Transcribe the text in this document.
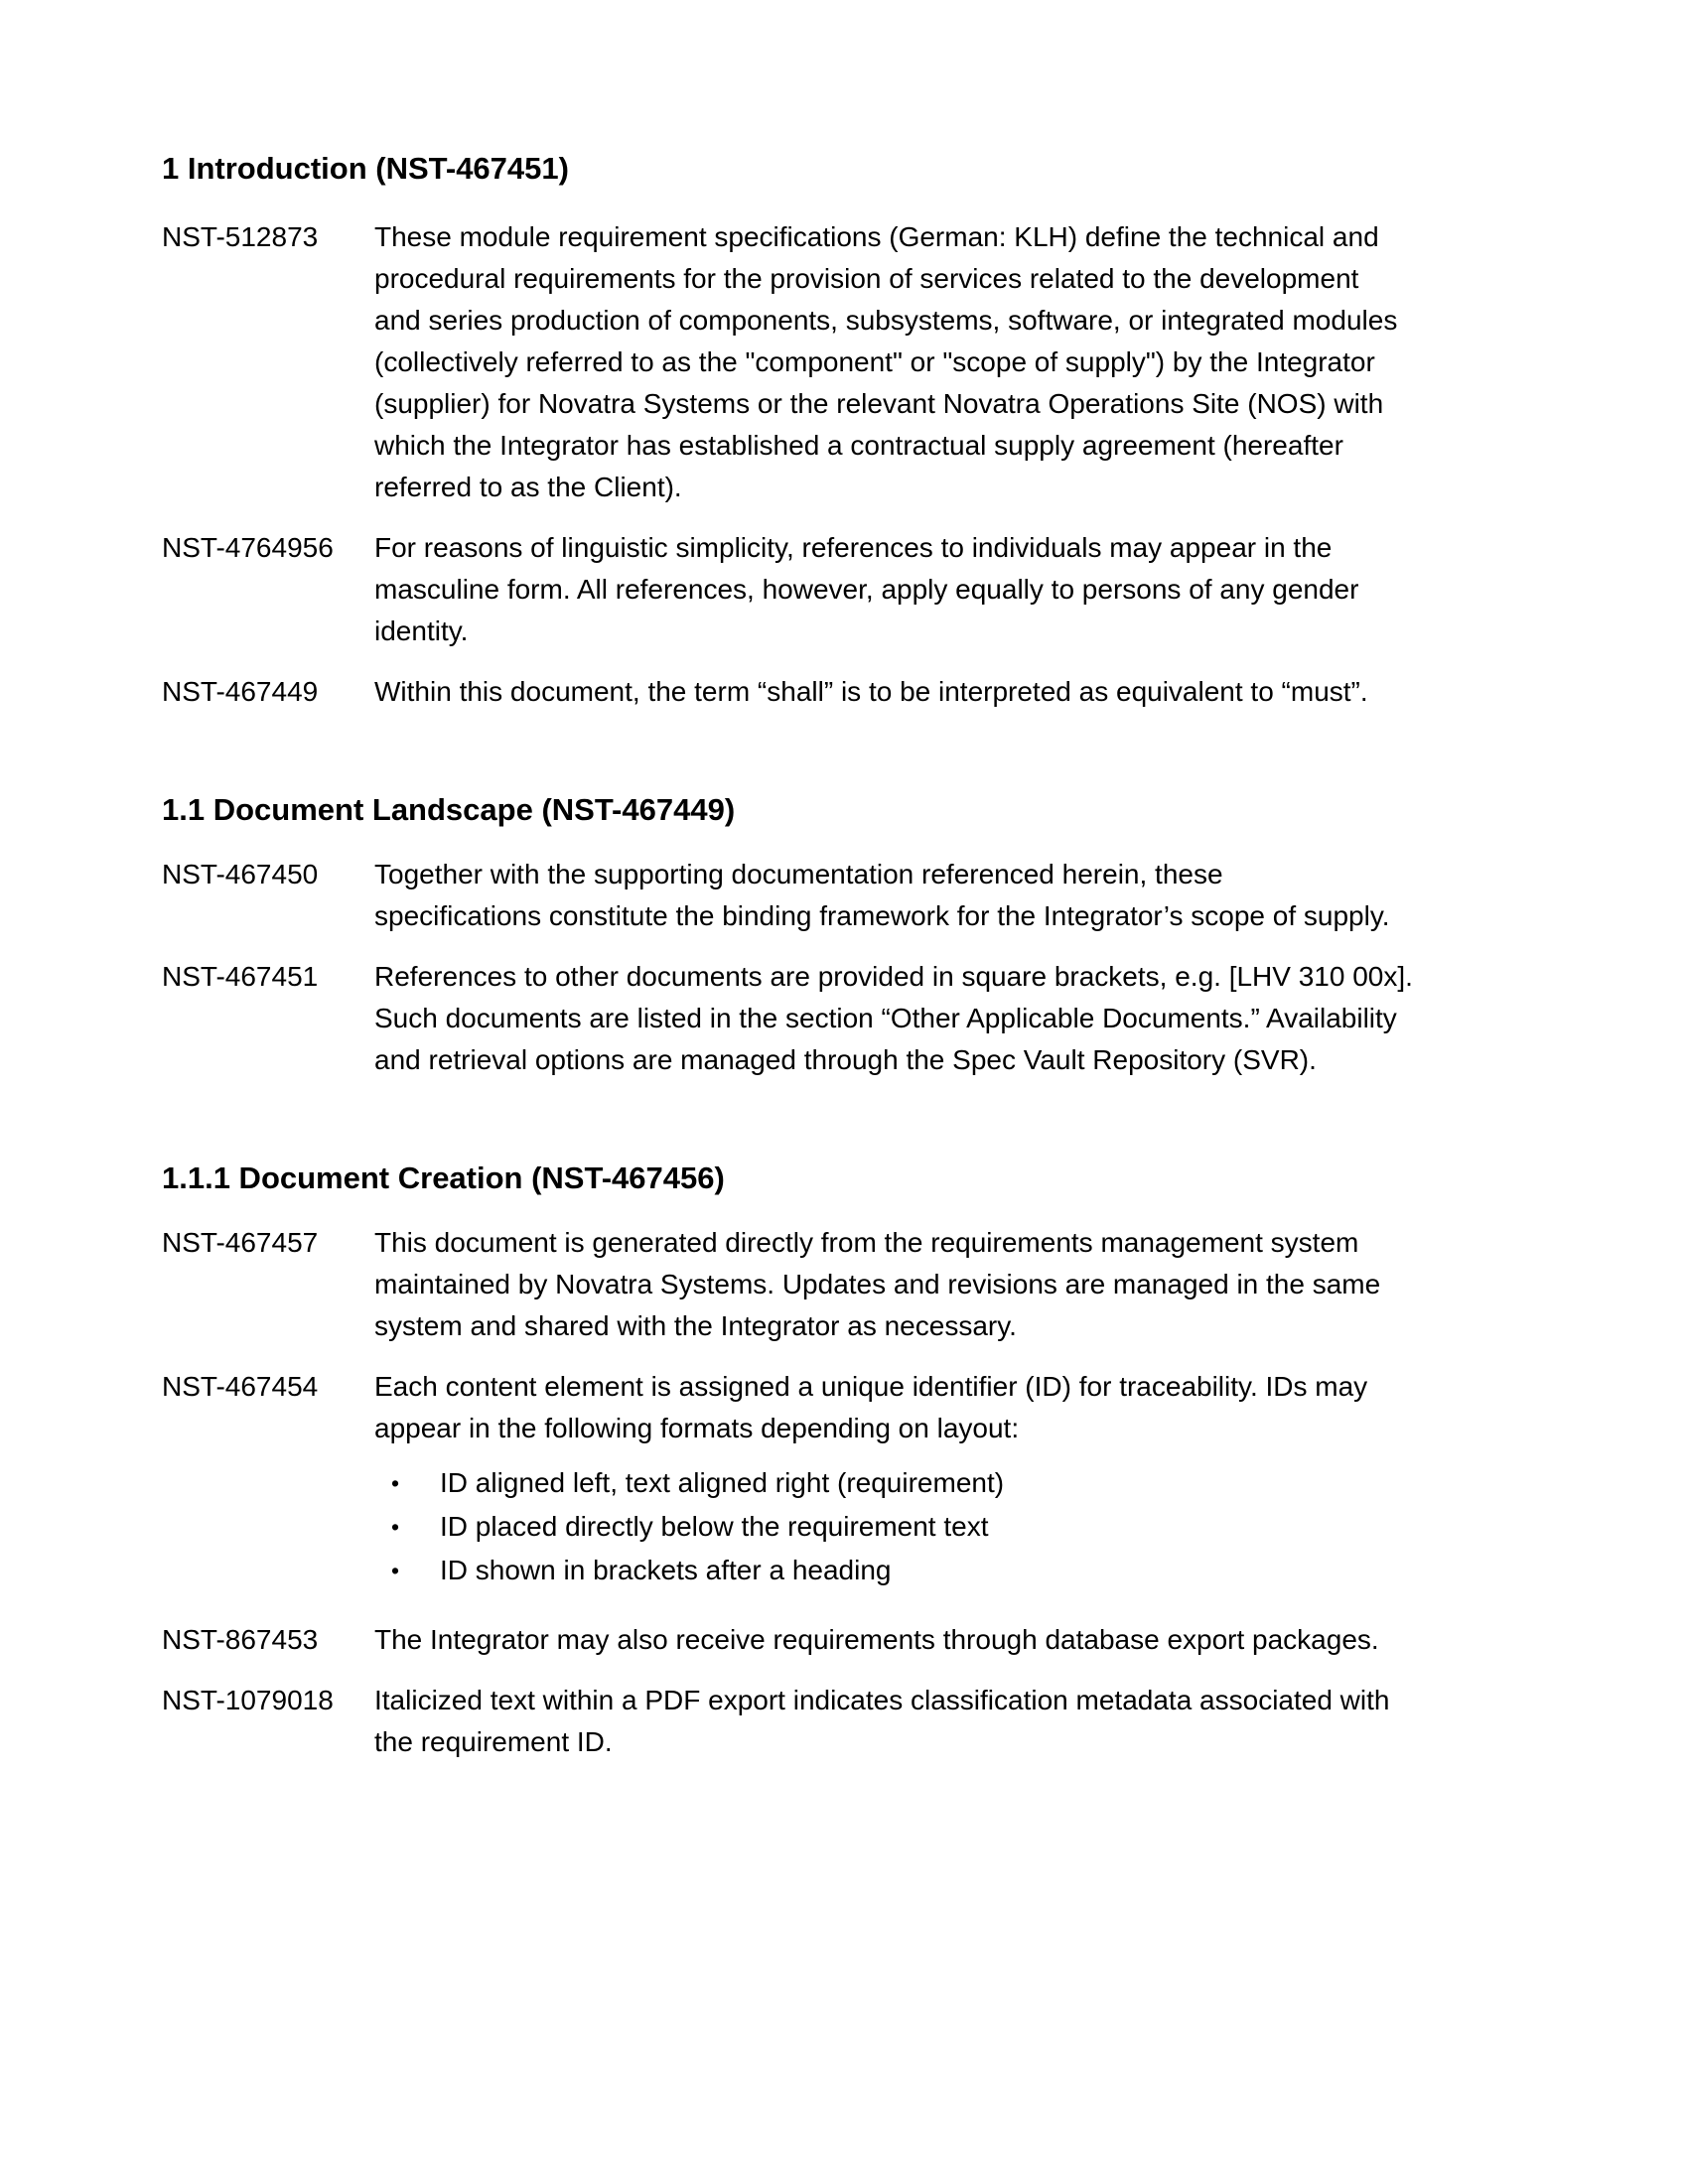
1 Introduction (NST-467451)
NST-512873	These module requirement specifications (German: KLH) define the technical and
procedural requirements for the provision of services related to the development
and series production of components, subsystems, software, or integrated modules
(collectively referred to as the "component" or "scope of supply") by the Integrator
(supplier) for Novatra Systems or the relevant Novatra Operations Site (NOS) with
which the Integrator has established a contractual supply agreement (hereafter
referred to as the Client).
NST-4764956	For reasons of linguistic simplicity, references to individuals may appear in the
masculine form. All references, however, apply equally to persons of any gender
identity.
NST-467449	Within this document, the term “shall” is to be interpreted as equivalent to “must”.
1.1 Document Landscape (NST-467449)
NST-467450	Together with the supporting documentation referenced herein, these
specifications constitute the binding framework for the Integrator’s scope of supply.
NST-467451	References to other documents are provided in square brackets, e.g. [LHV 310 00x].
Such documents are listed in the section “Other Applicable Documents.” Availability
and retrieval options are managed through the Spec Vault Repository (SVR).
1.1.1 Document Creation (NST-467456)
NST-467457	This document is generated directly from the requirements management system
maintained by Novatra Systems. Updates and revisions are managed in the same
system and shared with the Integrator as necessary.
NST-467454	Each content element is assigned a unique identifier (ID) for traceability. IDs may
appear in the following formats depending on layout:
•	ID aligned left, text aligned right (requirement)
•	ID placed directly below the requirement text
•	ID shown in brackets after a heading
NST-867453	The Integrator may also receive requirements through database export packages.
NST-1079018	Italicized text within a PDF export indicates classification metadata associated with
the requirement ID.
